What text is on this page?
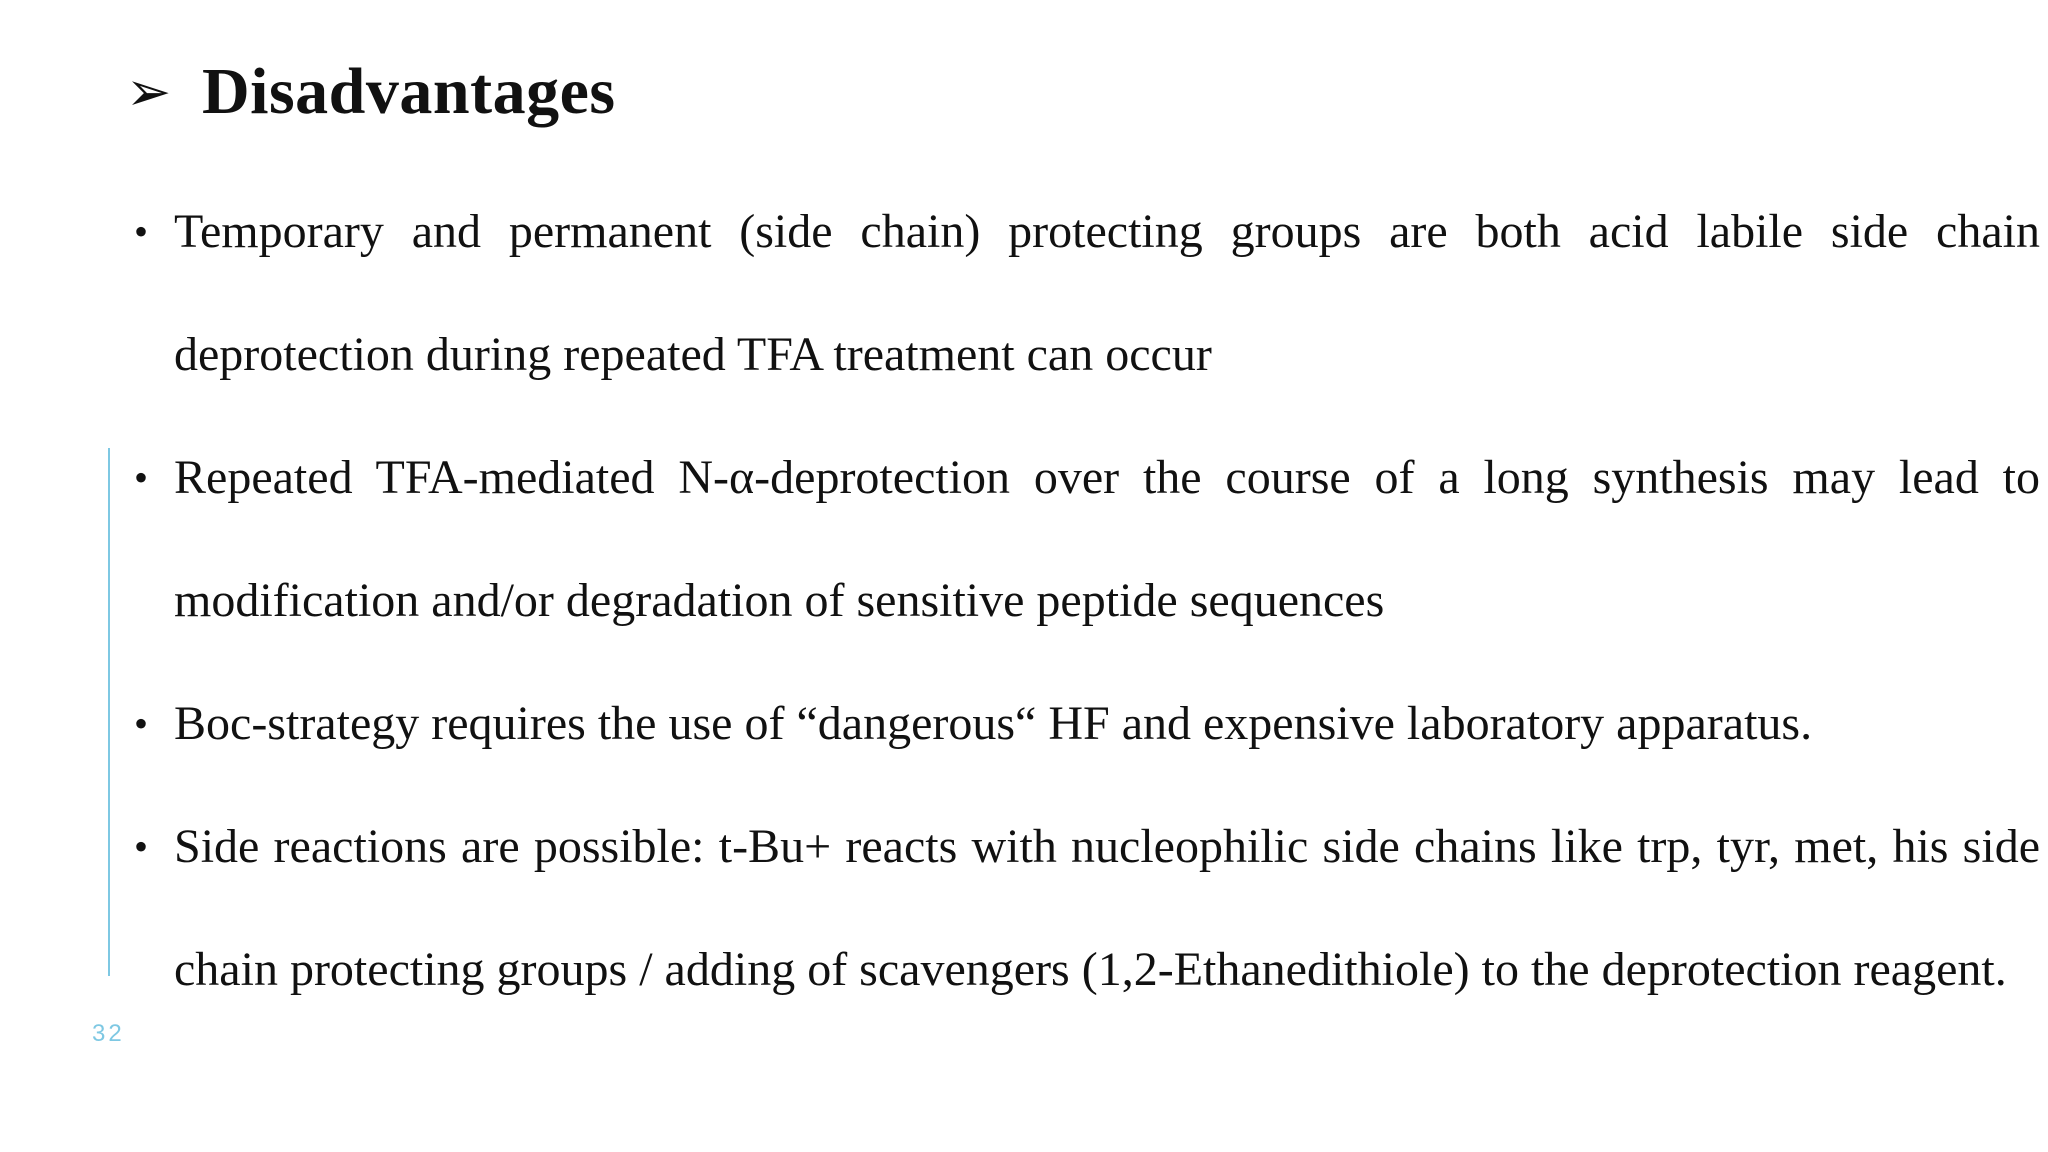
➢ Disadvantages
32
• Temporary and permanent (side chain) protecting groups are both acid labile side chain deprotection during repeated TFA treatment can occur
• Repeated TFA-mediated N-α-deprotection over the course of a long synthesis may lead to modification and/or degradation of sensitive peptide sequences
• Boc-strategy requires the use of “dangerous“ HF and expensive laboratory apparatus.
• Side reactions are possible: t-Bu+ reacts with nucleophilic side chains like trp, tyr, met, his side chain protecting groups / adding of scavengers (1,2-Ethanedithiole) to the deprotection reagent.
